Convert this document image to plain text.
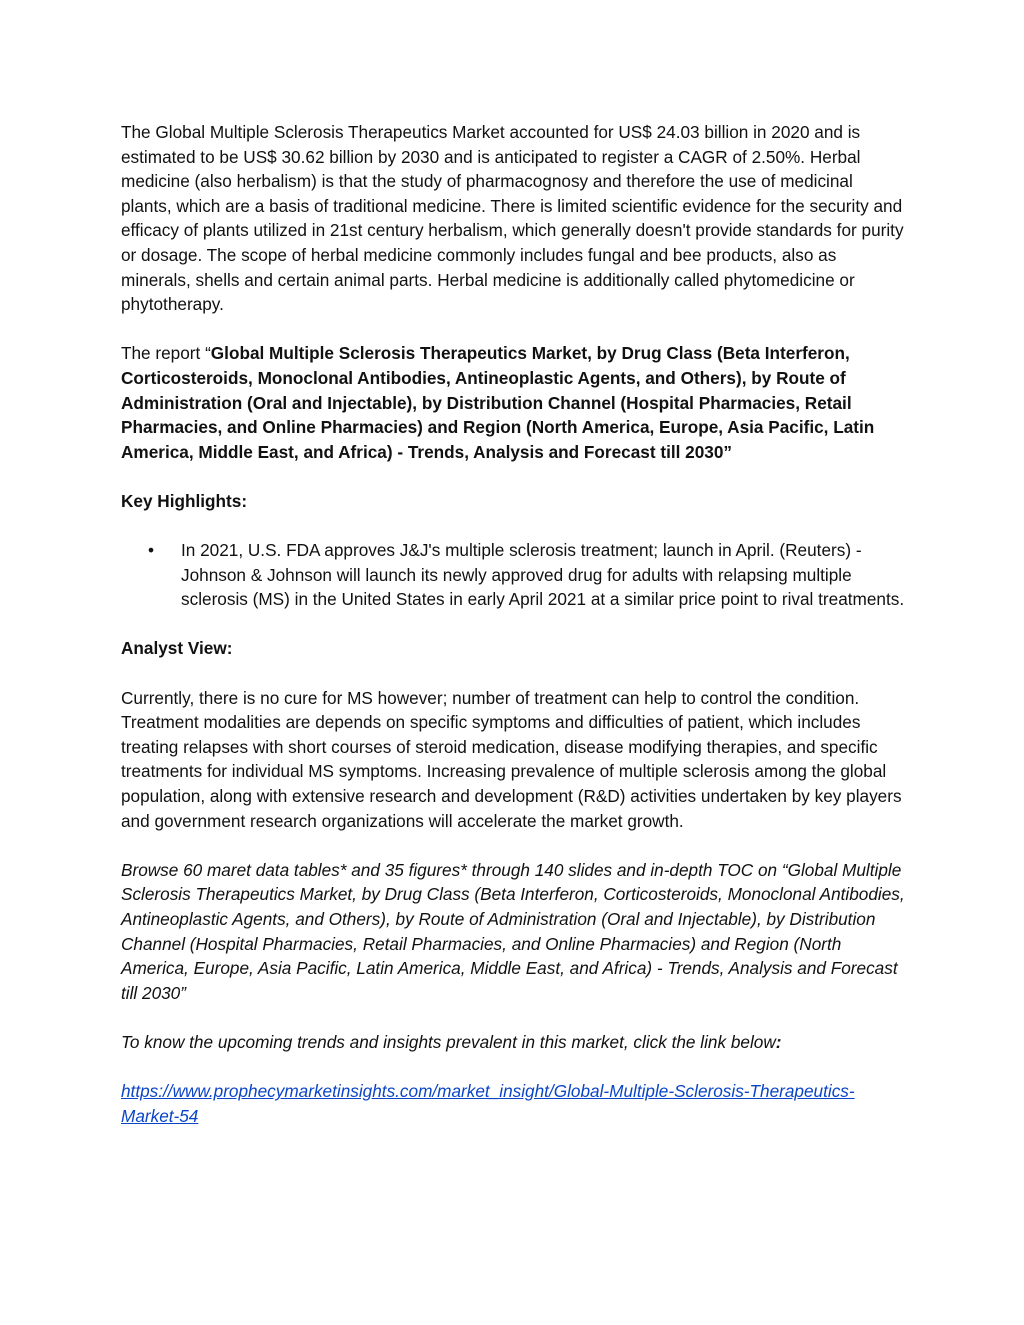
The Global Multiple Sclerosis Therapeutics Market accounted for US$ 24.03 billion in 2020 and is estimated to be US$ 30.62 billion by 2030 and is anticipated to register a CAGR of 2.50%. Herbal medicine (also herbalism) is that the study of pharmacognosy and therefore the use of medicinal plants, which are a basis of traditional medicine. There is limited scientific evidence for the security and efficacy of plants utilized in 21st century herbalism, which generally doesn't provide standards for purity or dosage. The scope of herbal medicine commonly includes fungal and bee products, also as minerals, shells and certain animal parts. Herbal medicine is additionally called phytomedicine or phytotherapy.

The report “Global Multiple Sclerosis Therapeutics Market, by Drug Class (Beta Interferon, Corticosteroids, Monoclonal Antibodies, Antineoplastic Agents, and Others), by Route of Administration (Oral and Injectable), by Distribution Channel (Hospital Pharmacies, Retail Pharmacies, and Online Pharmacies) and Region (North America, Europe, Asia Pacific, Latin America, Middle East, and Africa) - Trends, Analysis and Forecast till 2030”

Key Highlights:

• In 2021, U.S. FDA approves J&J's multiple sclerosis treatment; launch in April. (Reuters) - Johnson & Johnson will launch its newly approved drug for adults with relapsing multiple sclerosis (MS) in the United States in early April 2021 at a similar price point to rival treatments.

Analyst View:

Currently, there is no cure for MS however; number of treatment can help to control the condition. Treatment modalities are depends on specific symptoms and difficulties of patient, which includes treating relapses with short courses of steroid medication, disease modifying therapies, and specific treatments for individual MS symptoms. Increasing prevalence of multiple sclerosis among the global population, along with extensive research and development (R&D) activities undertaken by key players and government research organizations will accelerate the market growth.

Browse 60 maret data tables* and 35 figures* through 140 slides and in-depth TOC on “Global Multiple Sclerosis Therapeutics Market, by Drug Class (Beta Interferon, Corticosteroids, Monoclonal Antibodies, Antineoplastic Agents, and Others), by Route of Administration (Oral and Injectable), by Distribution Channel (Hospital Pharmacies, Retail Pharmacies, and Online Pharmacies) and Region (North America, Europe, Asia Pacific, Latin America, Middle East, and Africa) - Trends, Analysis and Forecast till 2030”

To know the upcoming trends and insights prevalent in this market, click the link below:

https://www.prophecymarketinsights.com/market_insight/Global-Multiple-Sclerosis-Therapeutics-Market-54
